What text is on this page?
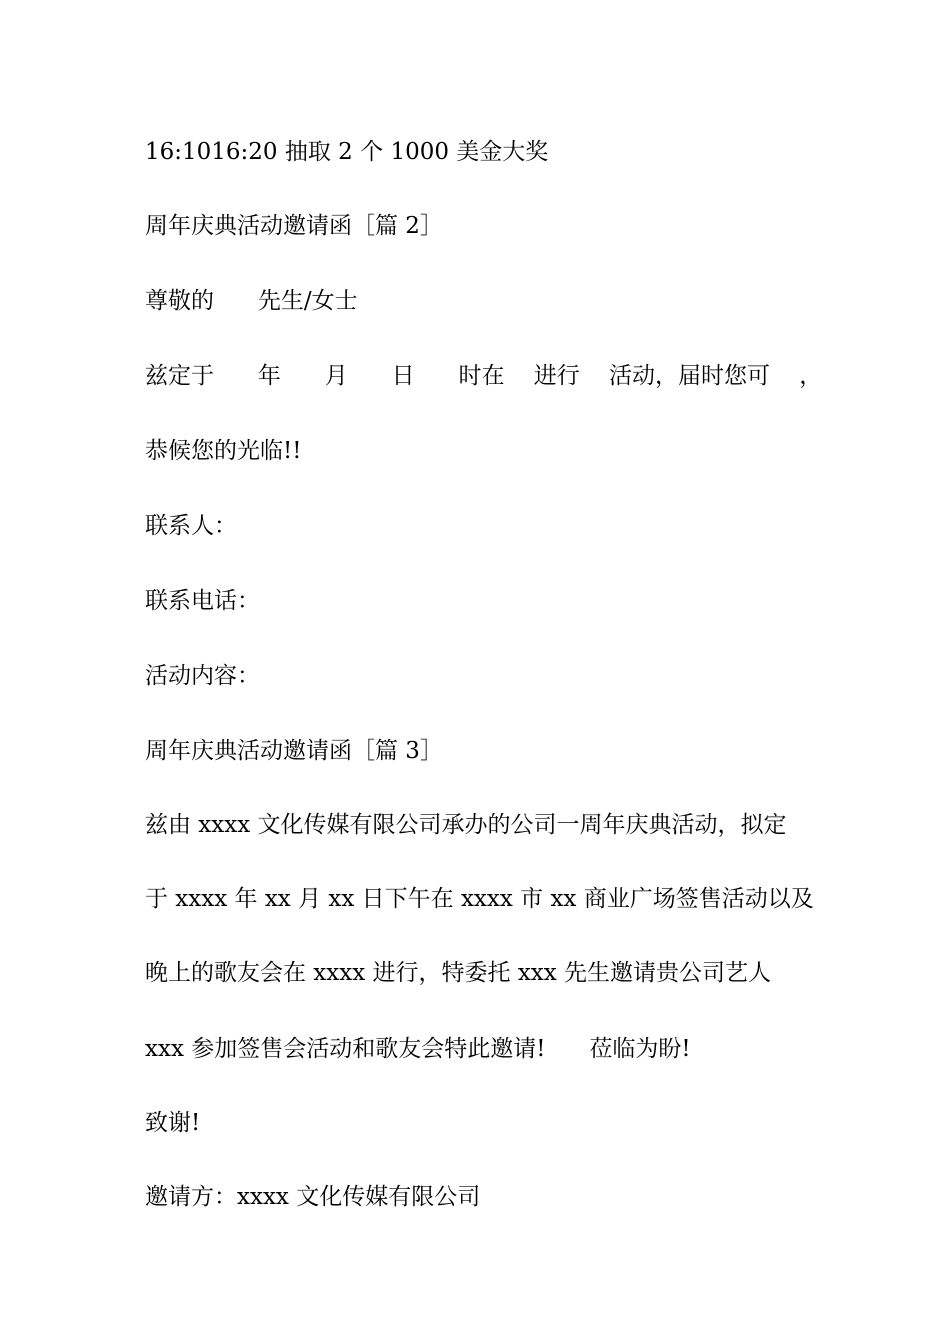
16:1016:20 抽取 2 个 1000 美金大奖
周年庆典活动邀请函［篇 2］
尊敬的      先生/女士
兹定于      年      月      日      时在    进行    活动，届时您可    ，
恭候您的光临!!
联系人：
联系电话：
活动内容：
周年庆典活动邀请函［篇 3］
兹由 xxxx 文化传媒有限公司承办的公司一周年庆典活动，拟定
于 xxxx 年 xx 月 xx 日下午在 xxxx 市 xx 商业广场签售活动以及
晚上的歌友会在 xxxx 进行，特委托 xxx 先生邀请贵公司艺人
xxx 参加签售会活动和歌友会特此邀请!      莅临为盼!
致谢!
邀请方：xxxx 文化传媒有限公司
